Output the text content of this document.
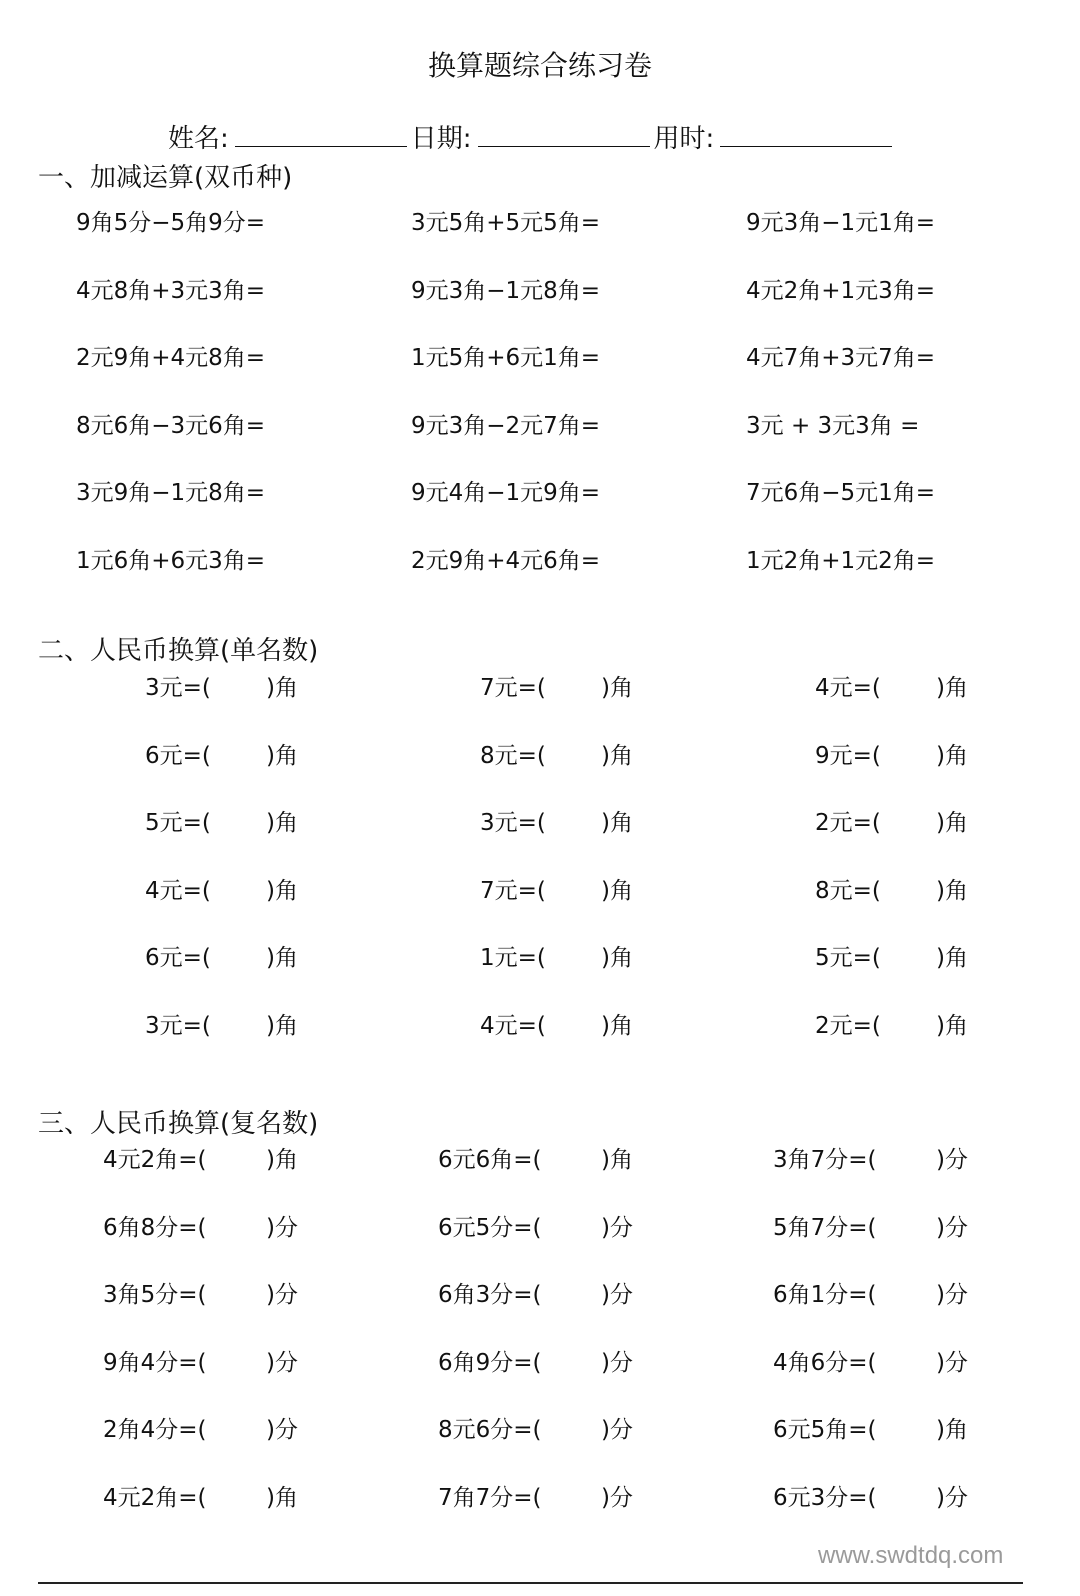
换算题综合练习卷
姓名:	日期:	用时:
一、加减运算(双币种)
9角5分−5角9分=	3元5角+5元5角=	9元3角−1元1角=
4元8角+3元3角=	9元3角−1元8角=	4元2角+1元3角=
2元9角+4元8角=	1元5角+6元1角=	4元7角+3元7角=
8元6角−3元6角=	9元3角−2元7角=	3元 + 3元3角 =
3元9角−1元8角=	9元4角−1元9角=	7元6角−5元1角=
1元6角+6元3角=	2元9角+4元6角=	1元2角+1元2角=
二、人民币换算(单名数)
3元=( )角	7元=( )角	4元=( )角
6元=( )角	8元=( )角	9元=( )角
5元=( )角	3元=( )角	2元=( )角
4元=( )角	7元=( )角	8元=( )角
6元=( )角	1元=( )角	5元=( )角
3元=( )角	4元=( )角	2元=( )角
三、人民币换算(复名数)
4元2角=(	)角	6元6角=(	)角	3角7分=(	)分
6角8分=(	)分	6元5分=(	)分	5角7分=(	)分
3角5分=(	)分	6角3分=(	)分	6角1分=(	)分
9角4分=(	)分	6角9分=(	)分	4角6分=(	)分
2角4分=(	)分	8元6分=(	)分	6元5角=(	)角
4元2角=(	)角	7角7分=(	)分	6元3分=(	)分
www.swdtdq.com
